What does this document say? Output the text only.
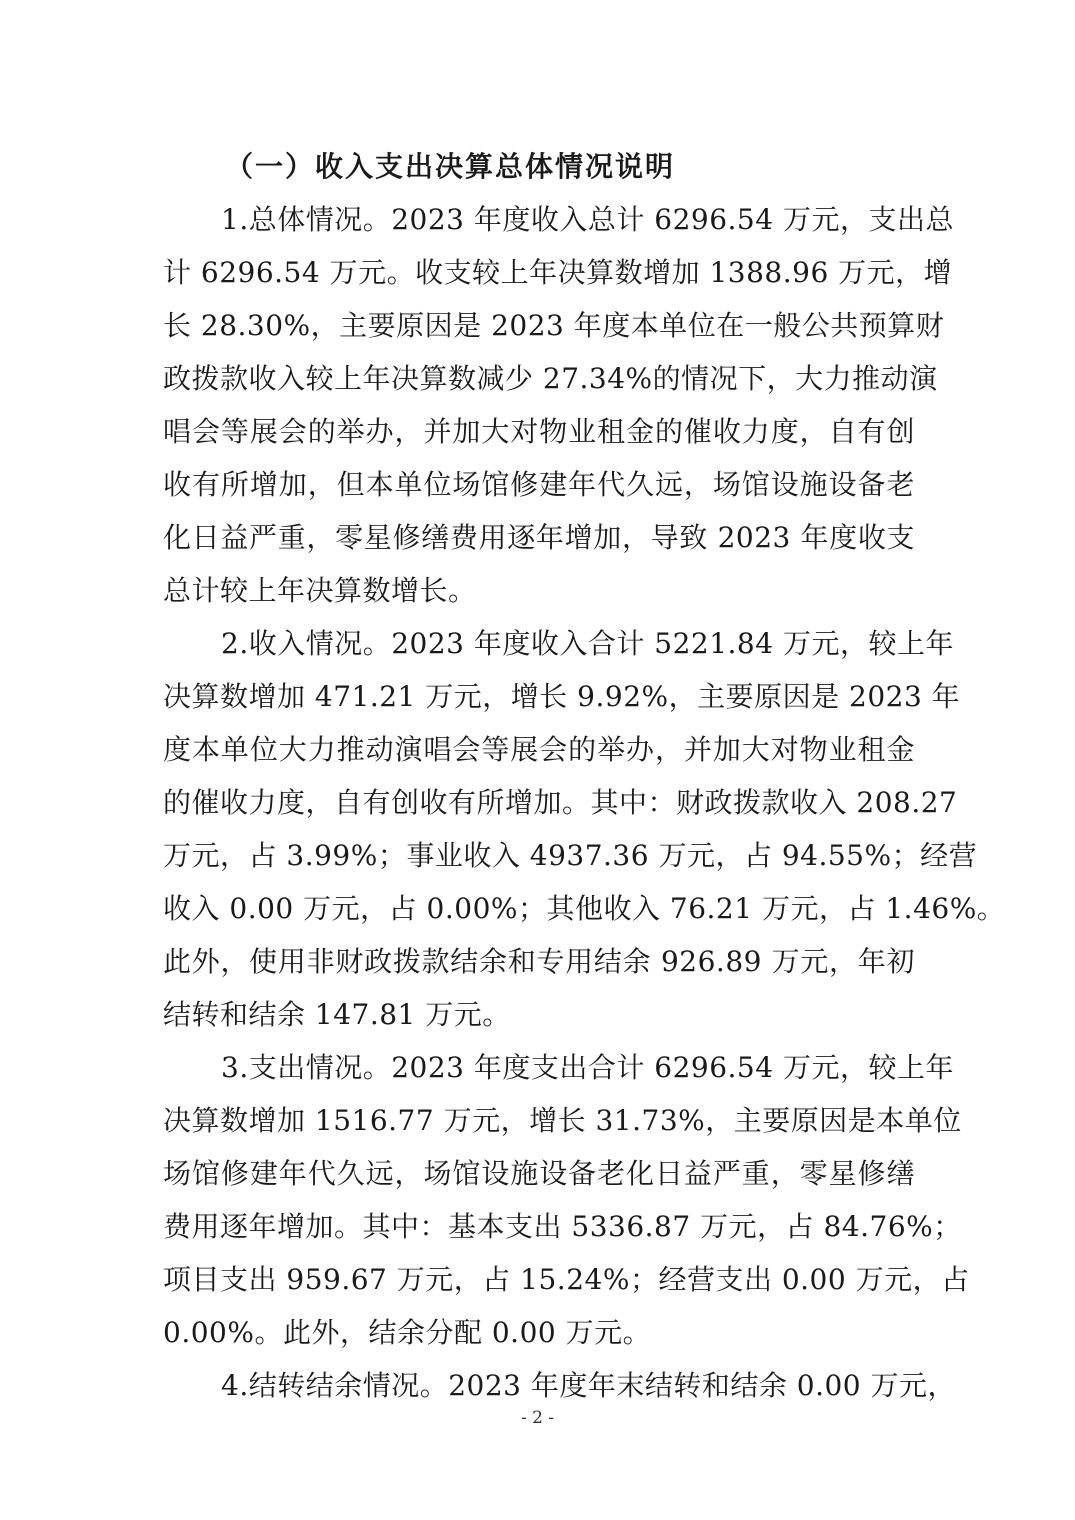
（一）收入支出决算总体情况说明
1.总体情况。2023 年度收入总计 6296.54 万元，支出总
计 6296.54 万元。收支较上年决算数增加 1388.96 万元，增
长 28.30%，主要原因是 2023 年度本单位在一般公共预算财
政拨款收入较上年决算数减少 27.34%的情况下，大力推动演
唱会等展会的举办，并加大对物业租金的催收力度，自有创
收有所增加，但本单位场馆修建年代久远，场馆设施设备老
化日益严重，零星修缮费用逐年增加，导致 2023 年度收支
总计较上年决算数增长。
2.收入情况。2023 年度收入合计 5221.84 万元，较上年
决算数增加 471.21 万元，增长 9.92%，主要原因是 2023 年
度本单位大力推动演唱会等展会的举办，并加大对物业租金
的催收力度，自有创收有所增加。其中：财政拨款收入 208.27
万元，占 3.99%；事业收入 4937.36 万元，占 94.55%；经营
收入 0.00 万元，占 0.00%；其他收入 76.21 万元，占 1.46%。
此外，使用非财政拨款结余和专用结余 926.89 万元，年初
结转和结余 147.81 万元。
3.支出情况。2023 年度支出合计 6296.54 万元，较上年
决算数增加 1516.77 万元，增长 31.73%，主要原因是本单位
场馆修建年代久远，场馆设施设备老化日益严重，零星修缮
费用逐年增加。其中：基本支出 5336.87 万元，占 84.76%；
项目支出 959.67 万元，占 15.24%；经营支出 0.00 万元，占
0.00%。此外，结余分配 0.00 万元。
4.结转结余情况。2023 年度年末结转和结余 0.00 万元，
- 2 -
